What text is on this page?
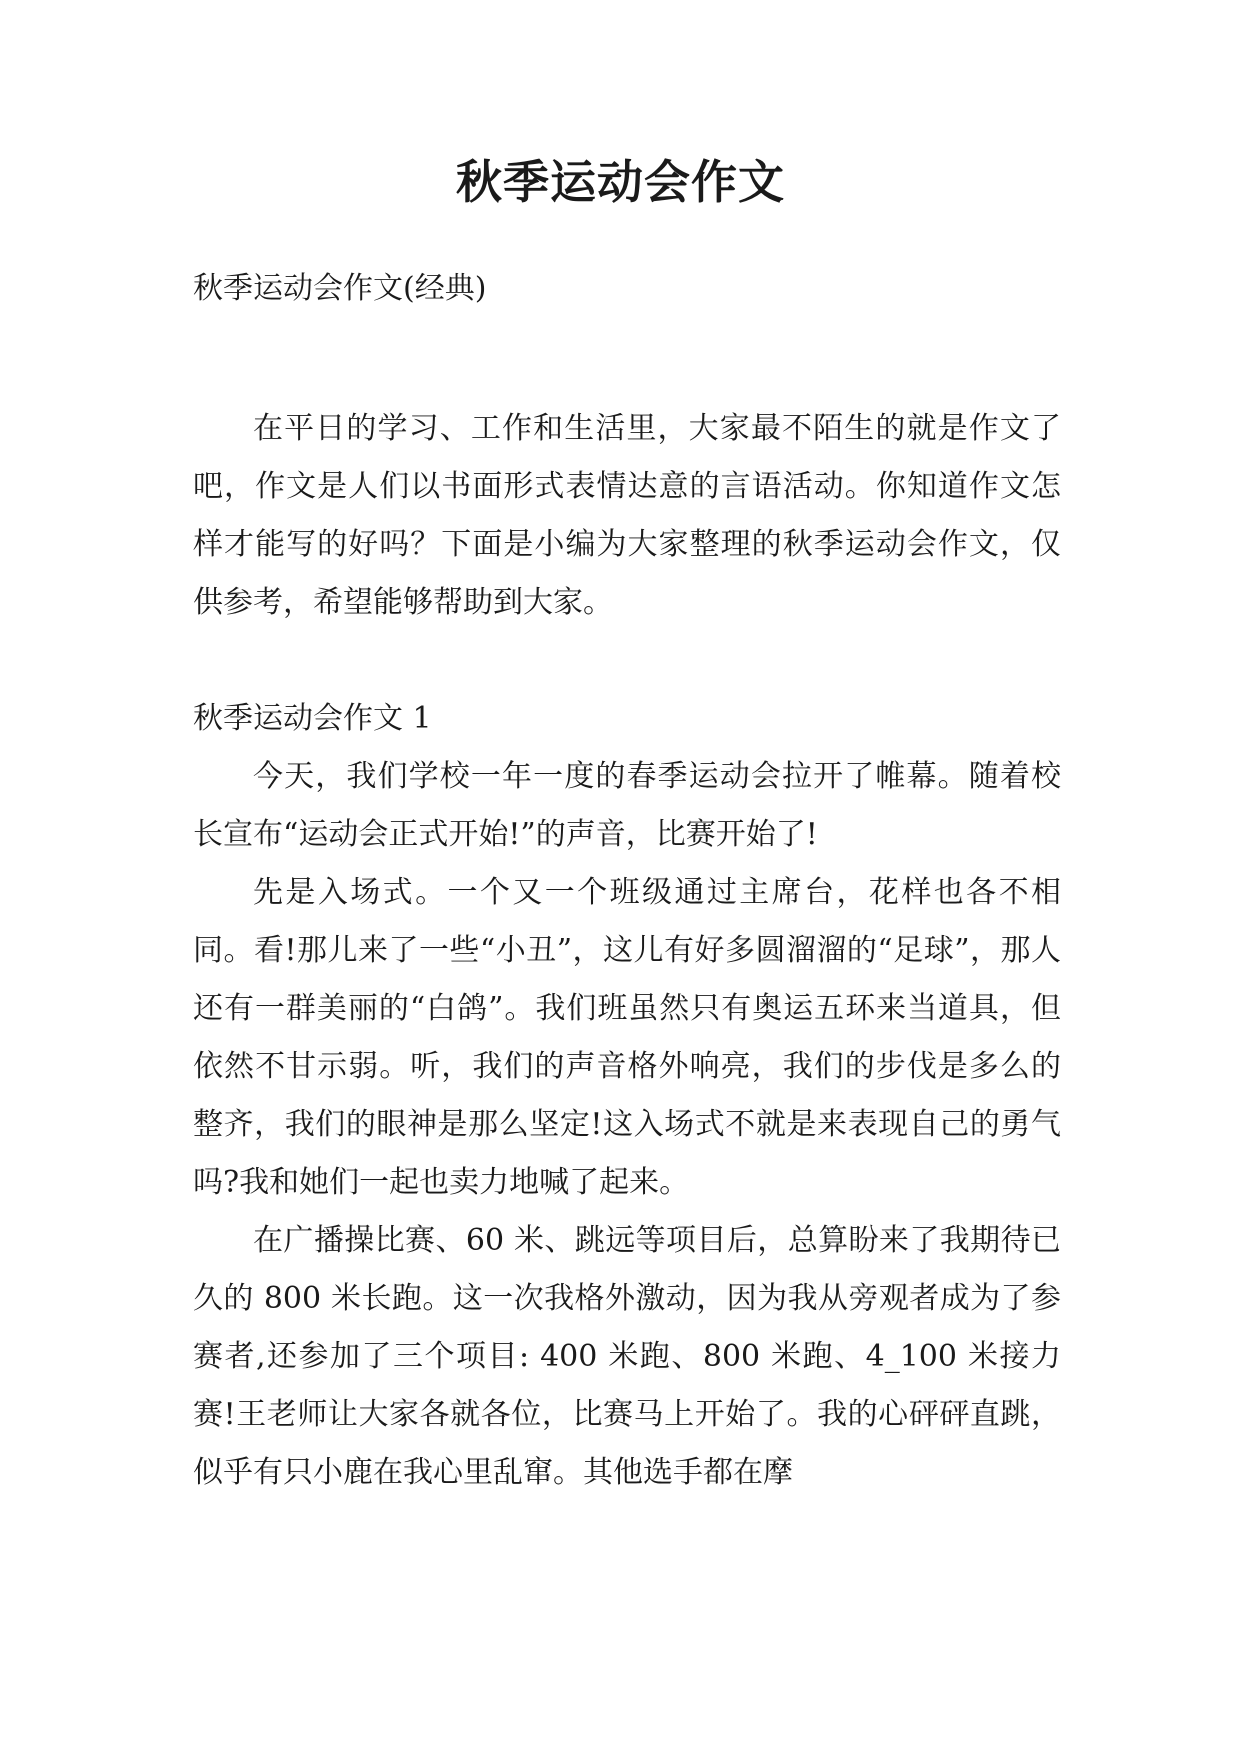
秋季运动会作文

秋季运动会作文(经典)

在平日的学习、工作和生活里，大家最不陌生的就是作文了吧，作文是人们以书面形式表情达意的言语活动。你知道作文怎样才能写的好吗？下面是小编为大家整理的秋季运动会作文，仅供参考，希望能够帮助到大家。

秋季运动会作文 1

今天，我们学校一年一度的春季运动会拉开了帷幕。随着校长宣布“运动会正式开始!”的声音，比赛开始了!

先是入场式。一个又一个班级通过主席台，花样也各不相同。看!那儿来了一些“小丑”，这儿有好多圆溜溜的“足球”，那人还有一群美丽的“白鸽”。我们班虽然只有奥运五环来当道具，但依然不甘示弱。听，我们的声音格外响亮，我们的步伐是多么的整齐，我们的眼神是那么坚定!这入场式不就是来表现自己的勇气吗?我和她们一起也卖力地喊了起来。

在广播操比赛、60 米、跳远等项目后，总算盼来了我期待已久的 800 米长跑。这一次我格外激动，因为我从旁观者成为了参赛者,还参加了三个项目: 400 米跑、800 米跑、4_100 米接力赛!王老师让大家各就各位，比赛马上开始了。我的心砰砰直跳，似乎有只小鹿在我心里乱窜。其他选手都在摩
